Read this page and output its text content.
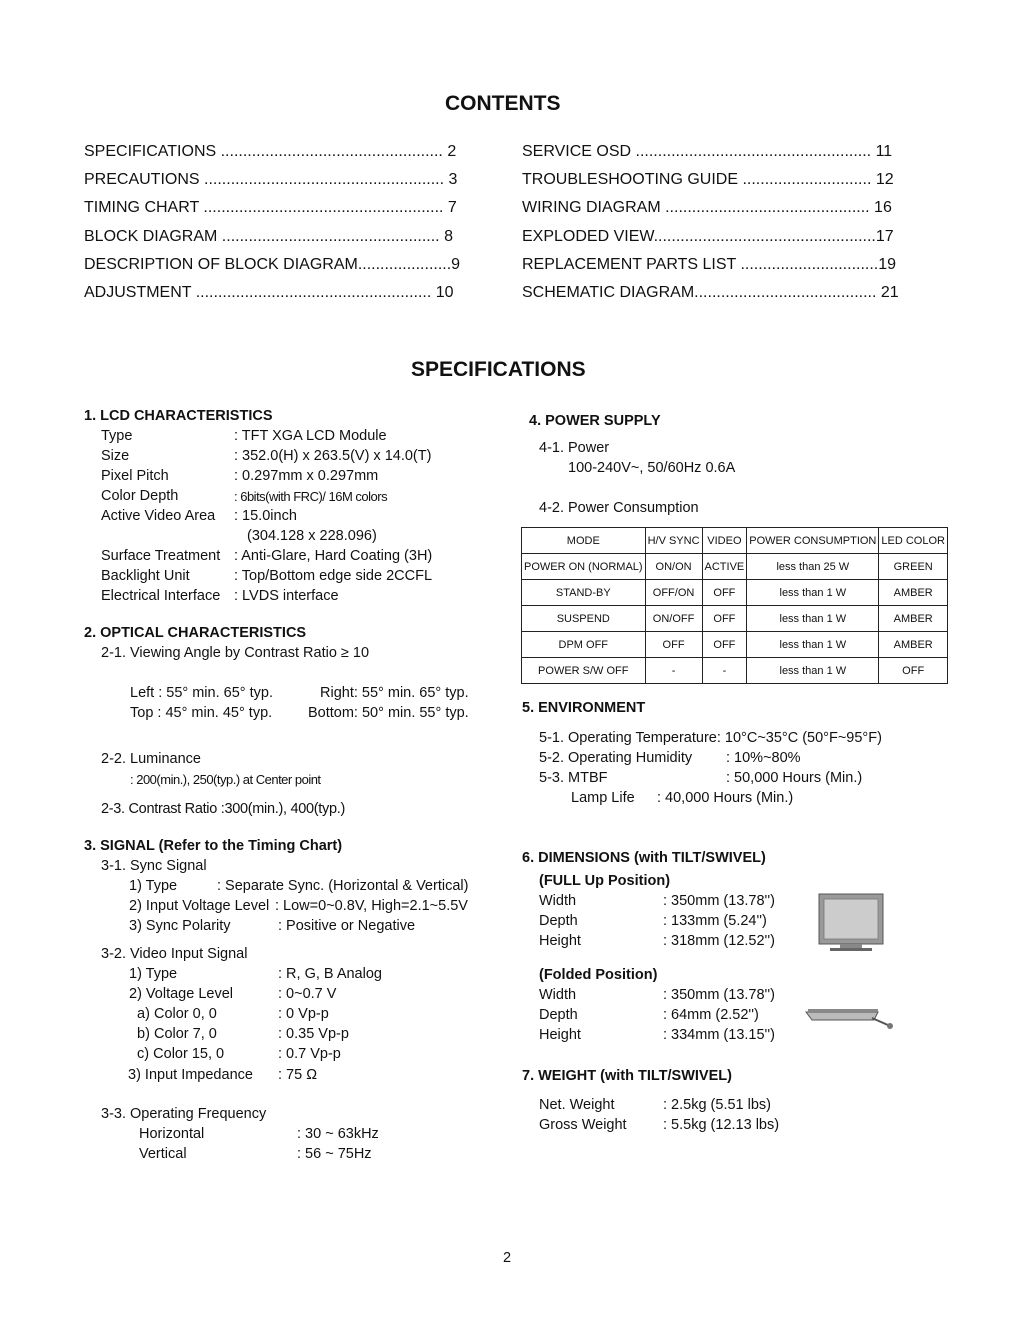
CONTENTS
SPECIFICATIONS .................................................. 2
PRECAUTIONS ...................................................... 3
TIMING CHART ...................................................... 7
BLOCK DIAGRAM ................................................. 8
DESCRIPTION OF BLOCK DIAGRAM.....................9
ADJUSTMENT ..................................................... 10
SERVICE OSD ..................................................... 11
TROUBLESHOOTING GUIDE ............................. 12
WIRING DIAGRAM .............................................. 16
EXPLODED VIEW..................................................17
REPLACEMENT PARTS LIST ...............................19
SCHEMATIC DIAGRAM......................................... 21
SPECIFICATIONS
1. LCD CHARACTERISTICS
Type	: TFT XGA LCD Module
Size	: 352.0(H) x 263.5(V) x 14.0(T)
Pixel Pitch	: 0.297mm x 0.297mm
Color Depth	: 6bits(with FRC)/ 16M colors
Active Video Area : 15.0inch
(304.128 x 228.096)
Surface Treatment : Anti-Glare, Hard Coating (3H)
Backlight Unit	: Top/Bottom edge side 2CCFL
Electrical Interface : LVDS interface
2. OPTICAL CHARACTERISTICS
2-1. Viewing Angle by Contrast Ratio ≥ 10
Left : 55° min. 65° typ.	Right: 55° min. 65° typ.
Top : 45° min. 45° typ. Bottom: 50° min. 55° typ.
2-2. Luminance
: 200(min.), 250(typ.) at Center point
2-3. Contrast Ratio :300(min.), 400(typ.)
3. SIGNAL (Refer to the Timing Chart)
3-1. Sync Signal
1) Type	: Separate Sync. (Horizontal & Vertical)
2) Input Voltage Level : Low=0~0.8V, High=2.1~5.5V
3) Sync Polarity	: Positive or Negative
3-2. Video Input Signal
1) Type	: R, G, B Analog
2) Voltage Level	: 0~0.7 V
a) Color 0, 0	: 0 Vp-p
b) Color 7, 0	: 0.35 Vp-p
c) Color 15, 0	: 0.7 Vp-p
3) Input Impedance : 75 Ω
3-3. Operating Frequency
Horizontal	: 30 ~ 63kHz
Vertical	: 56 ~ 75Hz
4. POWER SUPPLY
4-1. Power
100-240V~, 50/60Hz 0.6A
4-2. Power Consumption
MODE	H/V SYNC	VIDEO	POWER CONSUMPTION	LED COLOR
POWER ON (NORMAL)	ON/ON	ACTIVE	less than 25 W	GREEN
STAND-BY	OFF/ON	OFF	less than 1 W	AMBER
SUSPEND	ON/OFF	OFF	less than 1 W	AMBER
DPM OFF	OFF	OFF	less than 1 W	AMBER
POWER S/W OFF	-	-	less than 1 W	OFF
5. ENVIRONMENT
5-1. Operating Temperature: 10°C~35°C (50°F~95°F)
5-2. Operating Humidity : 10%~80%
5-3. MTBF	: 50,000 Hours (Min.)
Lamp Life : 40,000 Hours (Min.)
6. DIMENSIONS (with TILT/SWIVEL)
(FULL Up Position)
Width	: 350mm (13.78'')
Depth	: 133mm (5.24'')
Height	: 318mm (12.52'')
(Folded Position)
Width	: 350mm (13.78'')
Depth	: 64mm (2.52'')
Height	: 334mm (13.15'')
7. WEIGHT (with TILT/SWIVEL)
Net. Weight	: 2.5kg (5.51 lbs)
Gross Weight	: 5.5kg (12.13 lbs)
2
